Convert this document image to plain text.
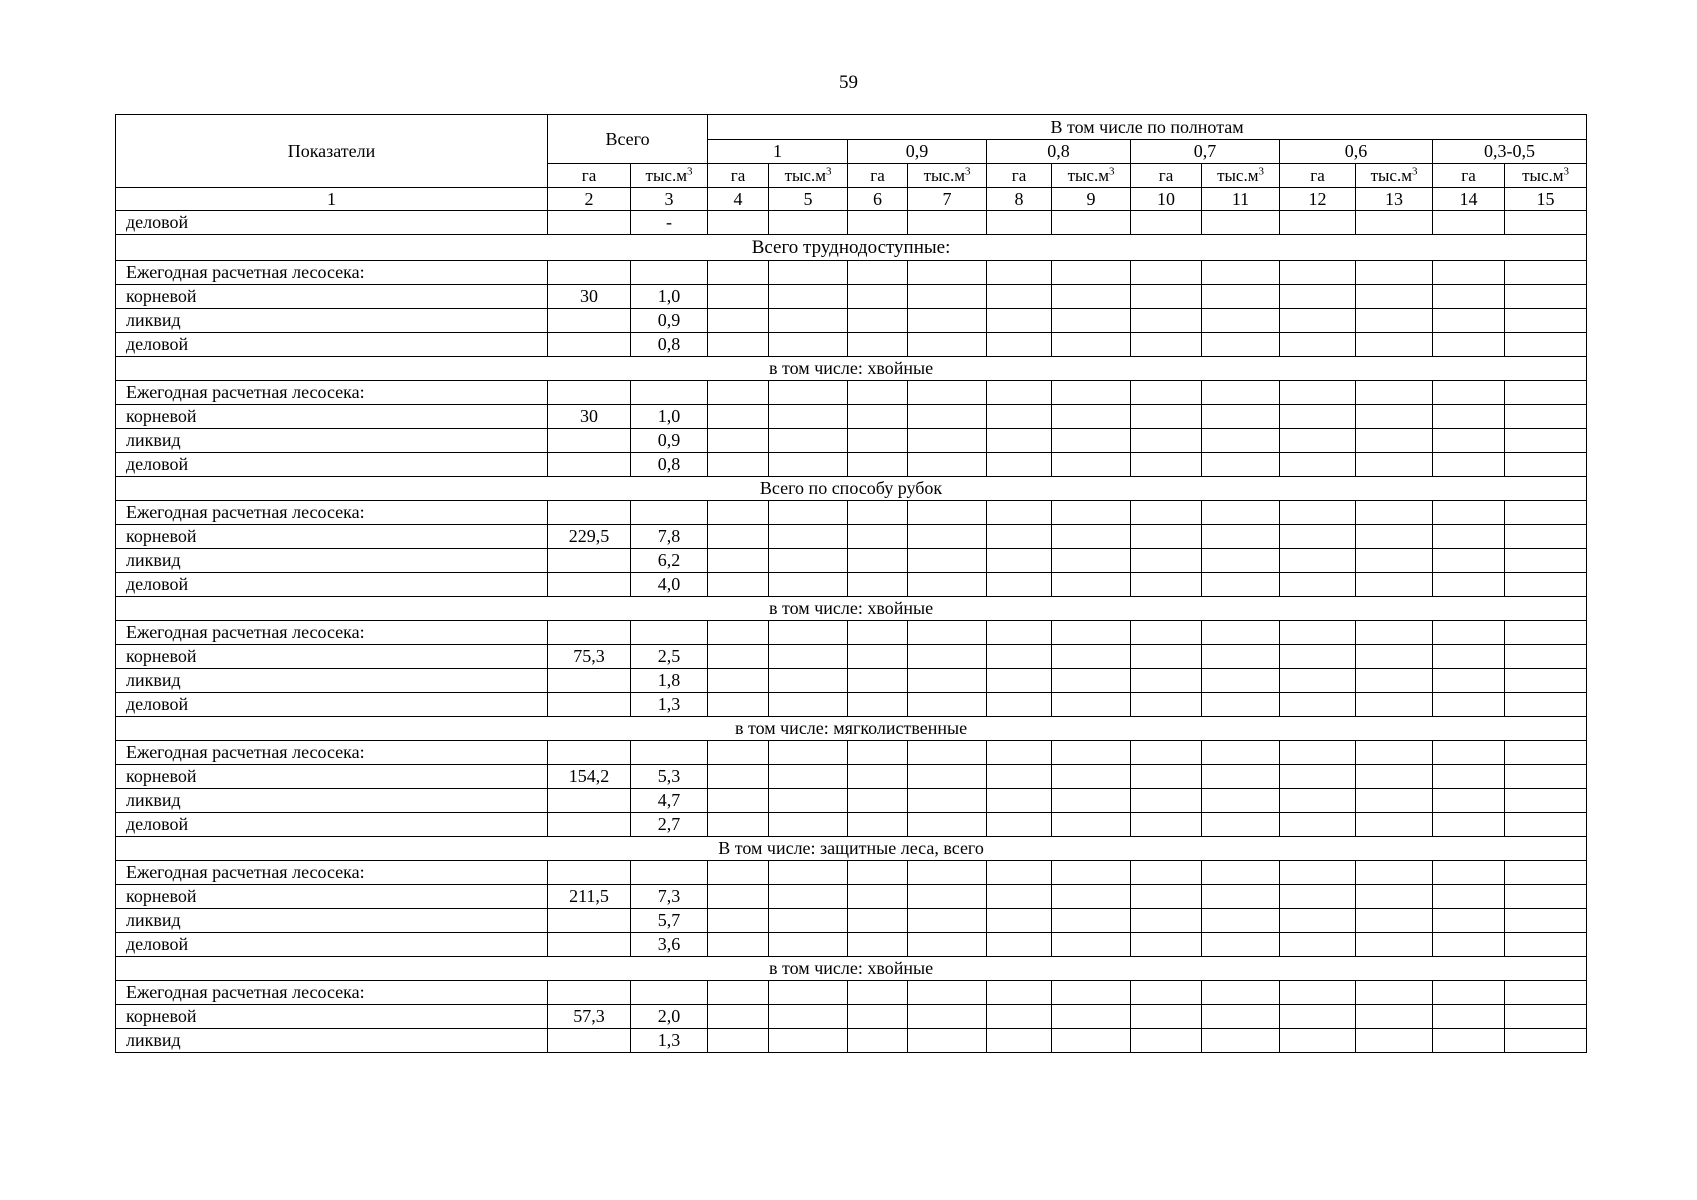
59
Показатели	Всего		В том числе по полнотам											
			1		0,9		0,8		0,7		0,6		0,3-0,5	
	га	$тыс.м^3$	га	$тыс.м^3$	га	$тыс.м^3$	га	$тыс.м^3$	га	$тыс.м^3$	га	$тыс.м^3$	га	$тыс.м^3$
1	2	3	4	5	6	7	8	9	10	11	12	13	14	15
деловой		-												
Всего труднодоступные:														
Ежегодная расчетная лесосека:														
корневой	30	1,0												
ликвид		0,9												
деловой		0,8												
в том числе: хвойные														
Ежегодная расчетная лесосека:														
корневой	30	1,0												
ликвид		0,9												
деловой		0,8												
Всего по способу рубок														
Ежегодная расчетная лесосека:														
корневой	229,5	7,8												
ликвид		6,2												
деловой		4,0												
в том числе: хвойные														
Ежегодная расчетная лесосека:														
корневой	75,3	2,5												
ликвид		1,8												
деловой		1,3												
в том числе: мягколиственные														
Ежегодная расчетная лесосека:														
корневой	154,2	5,3												
ликвид		4,7												
деловой		2,7												
В том числе: защитные леса, всего														
Ежегодная расчетная лесосека:														
корневой	211,5	7,3												
ликвид		5,7												
деловой		3,6												
в том числе: хвойные														
Ежегодная расчетная лесосека:														
корневой	57,3	2,0												
ликвид		1,3												
